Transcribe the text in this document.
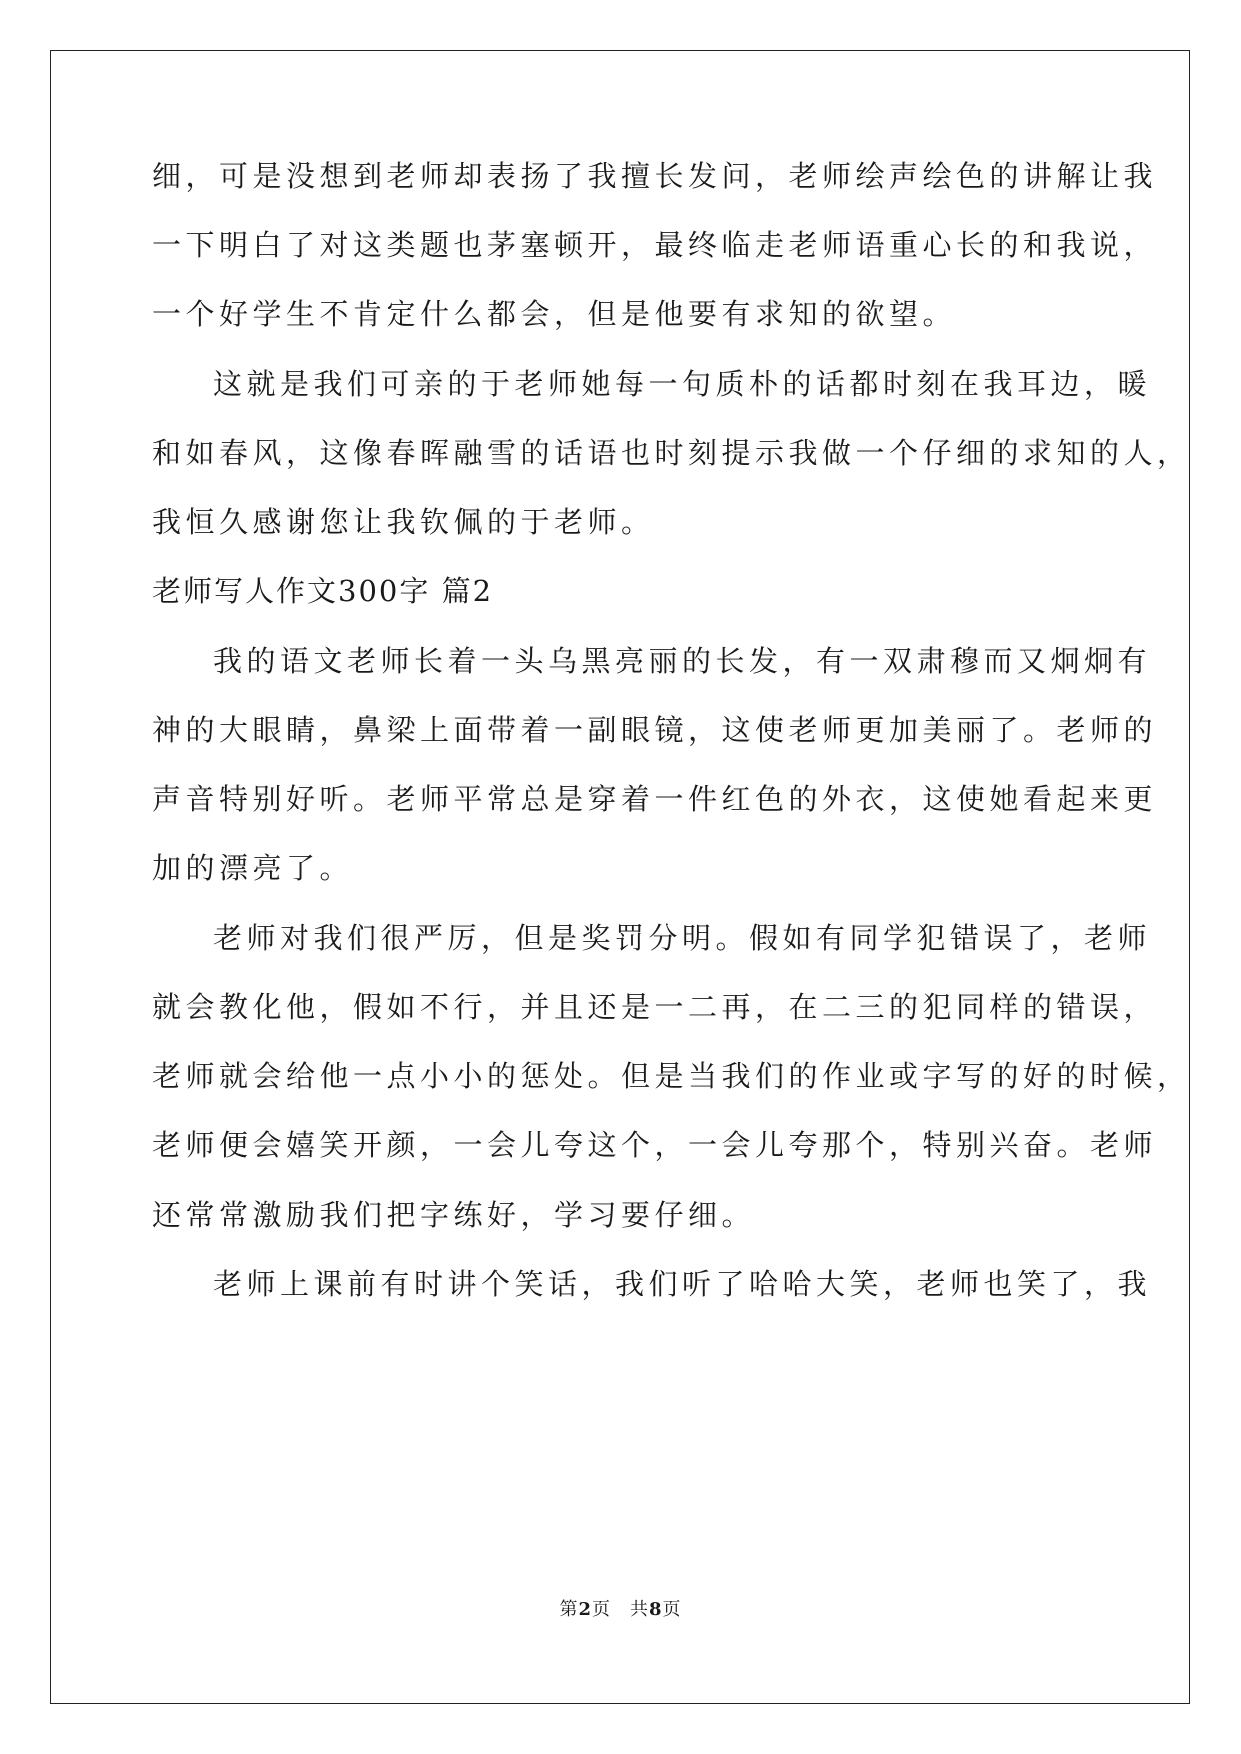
细，可是没想到老师却表扬了我擅长发问，老师绘声绘色的讲解让我
一下明白了对这类题也茅塞顿开，最终临走老师语重心长的和我说，
一个好学生不肯定什么都会，但是他要有求知的欲望。
这就是我们可亲的于老师她每一句质朴的话都时刻在我耳边，暖
和如春风，这像春晖融雪的话语也时刻提示我做一个仔细的求知的人，
我恒久感谢您让我钦佩的于老师。
老师写人作文300字 篇2
我的语文老师长着一头乌黑亮丽的长发，有一双肃穆而又炯炯有
神的大眼睛，鼻梁上面带着一副眼镜，这使老师更加美丽了。老师的
声音特别好听。老师平常总是穿着一件红色的外衣，这使她看起来更
加的漂亮了。
老师对我们很严厉，但是奖罚分明。假如有同学犯错误了，老师
就会教化他，假如不行，并且还是一二再，在二三的犯同样的错误，
老师就会给他一点小小的惩处。但是当我们的作业或字写的好的时候，
老师便会嬉笑开颜，一会儿夸这个，一会儿夸那个，特别兴奋。老师
还常常激励我们把字练好，学习要仔细。
老师上课前有时讲个笑话，我们听了哈哈大笑，老师也笑了，我
第2页　共8页
